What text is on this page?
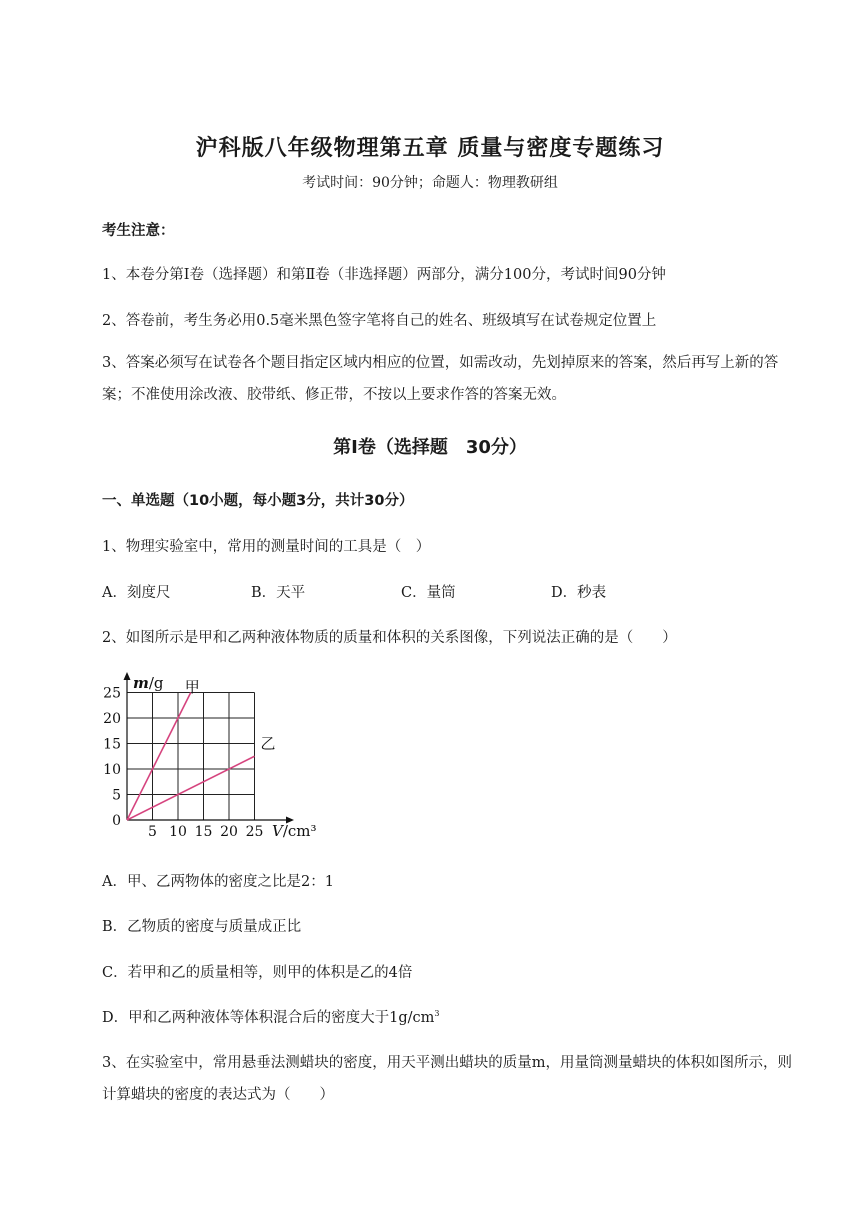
沪科版八年级物理第五章 质量与密度专题练习
考试时间：90分钟；命题人：物理教研组
考生注意：
1、本卷分第Ⅰ卷（选择题）和第Ⅱ卷（非选择题）两部分，满分100分，考试时间90分钟
2、答卷前，考生务必用0.5毫米黑色签字笔将自己的姓名、班级填写在试卷规定位置上
3、答案必须写在试卷各个题目指定区域内相应的位置，如需改动，先划掉原来的答案，然后再写上新的答案；不准使用涂改液、胶带纸、修正带，不按以上要求作答的答案无效。
第Ⅰ卷（选择题　30分）
一、单选题（10小题，每小题3分，共计30分）
1、物理实验室中，常用的测量时间的工具是（　）
A．刻度尺	B．天平	C．量筒	D．秒表
2、如图所示是甲和乙两种液体物质的质量和体积的关系图像，下列说法正确的是（　　）
5 10 15 20 25
5
10
15
20
25
0
m/g
V/cm³
甲
乙
A．甲、乙两物体的密度之比是2：1
B．乙物质的密度与质量成正比
C．若甲和乙的质量相等，则甲的体积是乙的4倍
D．甲和乙两种液体等体积混合后的密度大于$1g/cm^3$
3、在实验室中，常用悬垂法测蜡块的密度，用天平测出蜡块的质量m，用量筒测量蜡块的体积如图所示，则计算蜡块的密度的表达式为（　　）
